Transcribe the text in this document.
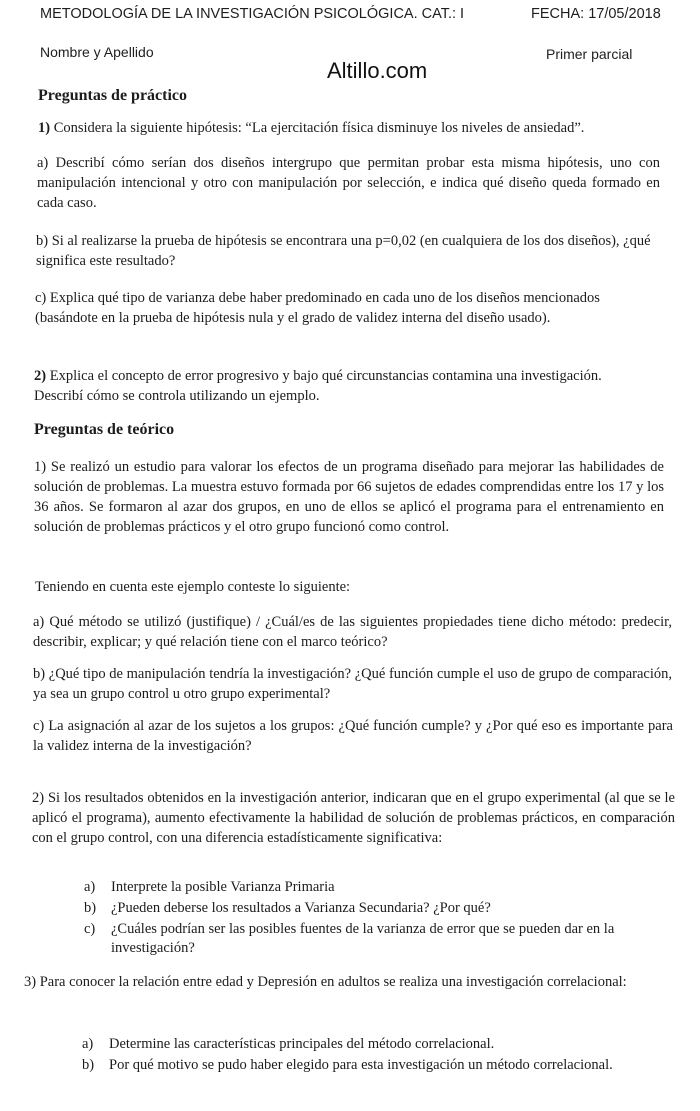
METODOLOGÍA DE LA INVESTIGACIÓN PSICOLÓGICA. CAT.: I	FECHA: 17/05/2018
Nombre y Apellido	Primer parcial
Altillo.com
Preguntas de práctico
1) Considera la siguiente hipótesis: “La ejercitación física disminuye los niveles de ansiedad”.
a) Describí cómo serían dos diseños intergrupo que permitan probar esta misma hipótesis, uno con manipulación intencional y otro con manipulación por selección, e indica qué diseño queda formado en cada caso.
b) Si al realizarse la prueba de hipótesis se encontrara una p=0,02 (en cualquiera de los dos diseños), ¿qué significa este resultado?
c) Explica qué tipo de varianza debe haber predominado en cada uno de los diseños mencionados (basándote en la prueba de hipótesis nula y el grado de validez interna del diseño usado).
2) Explica el concepto de error progresivo y bajo qué circunstancias contamina una investigación. Describí cómo se controla utilizando un ejemplo.
Preguntas de teórico
1) Se realizó un estudio para valorar los efectos de un programa diseñado para mejorar las habilidades de solución de problemas. La muestra estuvo formada por 66 sujetos de edades comprendidas entre los 17 y los 36 años. Se formaron al azar dos grupos, en uno de ellos se aplicó el programa para el entrenamiento en solución de problemas prácticos y el otro grupo funcionó como control.
Teniendo en cuenta este ejemplo conteste lo siguiente:
a) Qué método se utilizó (justifique) / ¿Cuál/es de las siguientes propiedades tiene dicho método: predecir, describir, explicar; y qué relación tiene con el marco teórico?
b) ¿Qué tipo de manipulación tendría la investigación? ¿Qué función cumple el uso de grupo de comparación, ya sea un grupo control u otro grupo experimental?
c) La asignación al azar de los sujetos a los grupos: ¿Qué función cumple? y ¿Por qué eso es importante para la validez interna de la investigación?
2) Si los resultados obtenidos en la investigación anterior, indicaran que en el grupo experimental (al que se le aplicó el programa), aumento efectivamente la habilidad de solución de problemas prácticos, en comparación con el grupo control, con una diferencia estadísticamente significativa:
a) Interprete la posible Varianza Primaria
b) ¿Pueden deberse los resultados a Varianza Secundaria? ¿Por qué?
c) ¿Cuáles podrían ser las posibles fuentes de la varianza de error que se pueden dar en la investigación?
3) Para conocer la relación entre edad y Depresión en adultos se realiza una investigación correlacional:
a) Determine las características principales del método correlacional.
b) Por qué motivo se pudo haber elegido para esta investigación un método correlacional.
